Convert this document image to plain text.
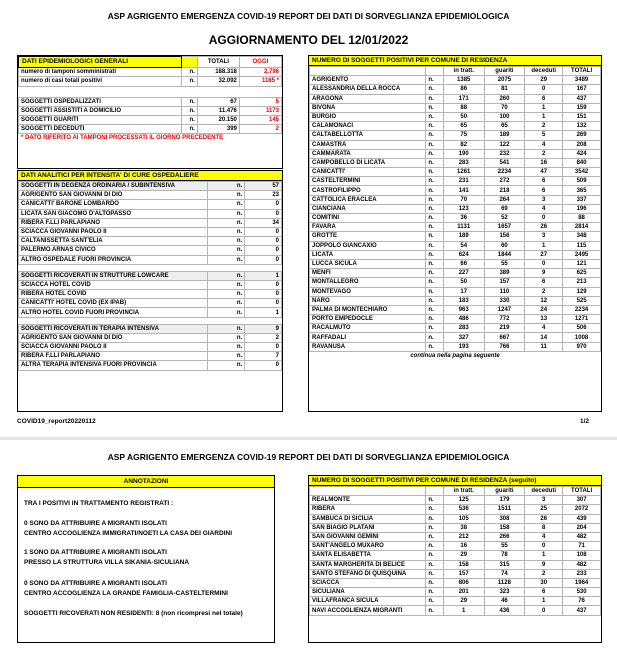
ASP AGRIGENTO EMERGENZA COVID-19 REPORT DEI DATI DI SORVEGLIANZA EPIDEMIOLOGICA
AGGIORNAMENTO DEL 12/01/2022
DATI EPIDEMIOLOGICI GENERALI		TOTALI	OGGI
numero di tamponi somministrati	n.	188.318	2.796
numero di casi totali positivi	n.	32.092	1185 *

SOGGETTI OSPEDALIZZATI	n.	67	5
SOGGETTI ASSISTITI A DOMICILIO	n.	11.476	1173
SOGGETTI GUARITI	n.	20.150	145
SOGGETTI DECEDUTI	n.	399	2
* DATO RIFERITO AI TAMPONI PROCESSATI IL GIORNO PRECEDENTE
DATI ANALITICI PER INTENSITA' DI CURE OSPEDALIERE
SOGGETTI IN DEGENZA ORDINARIA / SUBINTENSIVA	n.	57
AGRIGENTO SAN GIOVANNI DI DIO	n.	23
CANICATTI' BARONE LOMBARDO	n.	0
LICATA SAN GIACOMO D'ALTOPASSO	n.	0
RIBERA F.LLI PARLAPIANO	n.	34
SCIACCA GIOVANNI PAOLO II	n.	0
CALTANISSETTA SANT'ELIA	n.	0
PALERMO ARNAS CIVICO	n.	0
ALTRO OSPEDALE FUORI PROVINCIA	n.	0

SOGGETTI RICOVERATI IN STRUTTURE LOWCARE	n.	1
SCIACCA HOTEL COVID	n.	0
RIBERA HOTEL COVID	n.	0
CANICATTI' HOTEL COVID (EX IPAB)	n.	0
ALTRO HOTEL COVID FUORI PROVINCIA	n.	1

SOGGETTI RICOVERATI IN TERAPIA INTENSIVA	n.	9
AGRIGENTO SAN GIOVANNI DI DIO	n.	2
SCIACCA GIOVANNI PAOLO II	n.	0
RIBERA F.LLI PARLAPIANO	n.	7
ALTRA TERAPIA INTENSIVA FUORI PROVINCIA	n.	0
NUMERO DI SOGGETTI POSITIVI PER COMUNE DI RESIDENZA
		in tratt.	guariti	deceduti	TOTALI
AGRIGENTO	n.	1385	2075	29	3489
ALESSANDRIA DELLA ROCCA	n.	86	81	0	167
ARAGONA	n.	171	260	6	437
BIVONA	n.	88	70	1	159
BURGIO	n.	50	100	1	151
CALAMONACI	n.	65	65	2	132
CALTABELLOTTA	n.	75	189	5	269
CAMASTRA	n.	82	122	4	208
CAMMARATA	n.	190	232	2	424
CAMPOBELLO DI LICATA	n.	283	541	16	840
CANICATTI'	n.	1261	2234	47	3542
CASTELTERMINI	n.	231	272	6	509
CASTROFILIPPO	n.	141	218	6	365
CATTOLICA ERACLEA	n.	70	264	3	337
CIANCIANA	n.	123	69	4	196
COMITINI	n.	36	52	0	88
FAVARA	n.	1131	1657	26	2814
GROTTE	n.	189	156	3	348
JOPPOLO GIANCAXIO	n.	54	60	1	115
LICATA	n.	624	1844	27	2495
LUCCA SICULA	n.	66	55	0	121
MENFI	n.	227	389	9	625
MONTALLEGRO	n.	50	157	6	213
MONTEVAGO	n.	17	110	2	129
NARO	n.	183	330	12	525
PALMA DI MONTECHIARO	n.	963	1247	24	2234
PORTO EMPEDOCLE	n.	486	772	13	1271
RACALMUTO	n.	283	219	4	506
RAFFADALI	n.	327	667	14	1008
RAVANUSA	n.	193	766	11	970
continua nella pagina seguente
COVID19_report20220112	1/2
ASP AGRIGENTO EMERGENZA COVID-19 REPORT DEI DATI DI SORVEGLIANZA EPIDEMIOLOGICA
ANNOTAZIONI
TRA I POSITIVI IN TRATTAMENTO REGISTRATI :
0 SONO DA ATTRIBUIRE A MIGRANTI ISOLATI
CENTRO ACCOGLIENZA IMMIGRATI/NOETI LA CASA DEI GIARDINI
1 SONO DA ATTRIBUIRE A MIGRANTI ISOLATI
PRESSO LA STRUTTURA VILLA SIKANIA-SICULIANA
0 SONO DA ATTRIBUIRE A MIGRANTI ISOLATI
CENTRO ACCOGLIENZA LA GRANDE FAMIGLIA-CASTELTERMINI
SOGGETTI RICOVERATI NON RESIDENTI: 8 (non ricompresi nel totale)
NUMERO DI SOGGETTI POSITIVI PER COMUNE DI RESIDENZA (seguito)
		in tratt.	guariti	deceduti	TOTALI
REALMONTE	n.	125	179	3	307
RIBERA	n.	536	1511	25	2072
SAMBUCA DI SICILIA	n.	105	308	26	439
SAN BIAGIO PLATANI	n.	38	158	8	204
SAN GIOVANNI GEMINI	n.	212	266	4	482
SANT'ANGELO MUXARO	n.	16	55	0	71
SANTA ELISABETTA	n.	29	78	1	108
SANTA MARGHERITA DI BELICE	n.	158	315	9	482
SANTO STEFANO DI QUISQUINA	n.	157	74	2	233
SCIACCA	n.	806	1128	30	1964
SICULIANA	n.	201	323	6	530
VILLAFRANCA SICULA	n.	29	46	1	76
NAVI ACCOGLIENZA MIGRANTI	n.	1	436	0	437
